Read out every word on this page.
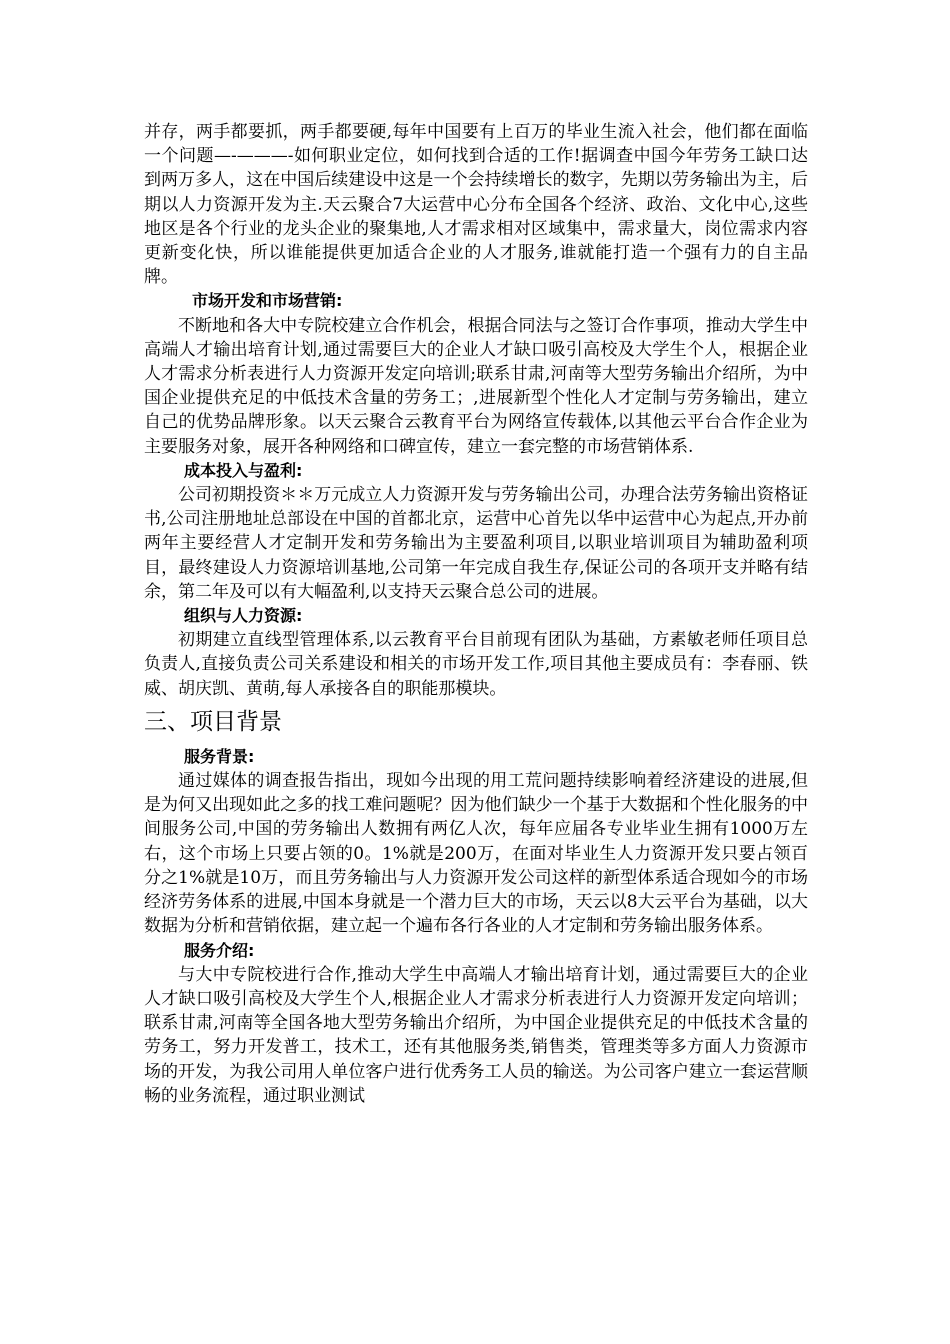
并存，两手都要抓，两手都要硬,每年中国要有上百万的毕业生流入社会，他们都在面临一个问题—-———-如何职业定位，如何找到合适的工作!据调查中国今年劳务工缺口达到两万多人，这在中国后续建设中这是一个会持续增长的数字，先期以劳务输出为主，后期以人力资源开发为主.天云聚合7大运营中心分布全国各个经济、政治、文化中心,这些地区是各个行业的龙头企业的聚集地,人才需求相对区域集中，需求量大，岗位需求内容更新变化快，所以谁能提供更加适合企业的人才服务,谁就能打造一个强有力的自主品牌。

市场开发和市场营销:

不断地和各大中专院校建立合作机会，根据合同法与之签订合作事项，推动大学生中高端人才输出培育计划,通过需要巨大的企业人才缺口吸引高校及大学生个人，根据企业人才需求分析表进行人力资源开发定向培训;联系甘肃,河南等大型劳务输出介绍所，为中国企业提供充足的中低技术含量的劳务工；,进展新型个性化人才定制与劳务输出，建立自己的优势品牌形象。以天云聚合云教育平台为网络宣传载体,以其他云平台合作企业为主要服务对象，展开各种网络和口碑宣传，建立一套完整的市场营销体系.

成本投入与盈利:

公司初期投资＊＊万元成立人力资源开发与劳务输出公司，办理合法劳务输出资格证书,公司注册地址总部设在中国的首都北京，运营中心首先以华中运营中心为起点,开办前两年主要经营人才定制开发和劳务输出为主要盈利项目,以职业培训项目为辅助盈利项目，最终建设人力资源培训基地,公司第一年完成自我生存,保证公司的各项开支并略有结余，第二年及可以有大幅盈利,以支持天云聚合总公司的进展。

组织与人力资源:

初期建立直线型管理体系,以云教育平台目前现有团队为基础，方素敏老师任项目总负责人,直接负责公司关系建设和相关的市场开发工作,项目其他主要成员有：李春丽、铁威、胡庆凯、黄萌,每人承接各自的职能那模块。

三、项目背景

服务背景:

通过媒体的调查报告指出，现如今出现的用工荒问题持续影响着经济建设的进展,但是为何又出现如此之多的找工难问题呢？因为他们缺少一个基于大数据和个性化服务的中间服务公司,中国的劳务输出人数拥有两亿人次，每年应届各专业毕业生拥有1000万左右，这个市场上只要占领的0。1%就是200万，在面对毕业生人力资源开发只要占领百分之1%就是10万，而且劳务输出与人力资源开发公司这样的新型体系适合现如今的市场经济劳务体系的进展,中国本身就是一个潜力巨大的市场，天云以8大云平台为基础，以大数据为分析和营销依据，建立起一个遍布各行各业的人才定制和劳务输出服务体系。

服务介绍:

与大中专院校进行合作,推动大学生中高端人才输出培育计划，通过需要巨大的企业人才缺口吸引高校及大学生个人,根据企业人才需求分析表进行人力资源开发定向培训；联系甘肃,河南等全国各地大型劳务输出介绍所，为中国企业提供充足的中低技术含量的劳务工，努力开发普工，技术工，还有其他服务类,销售类，管理类等多方面人力资源市场的开发，为我公司用人单位客户进行优秀务工人员的输送。为公司客户建立一套运营顺畅的业务流程，通过职业测试
